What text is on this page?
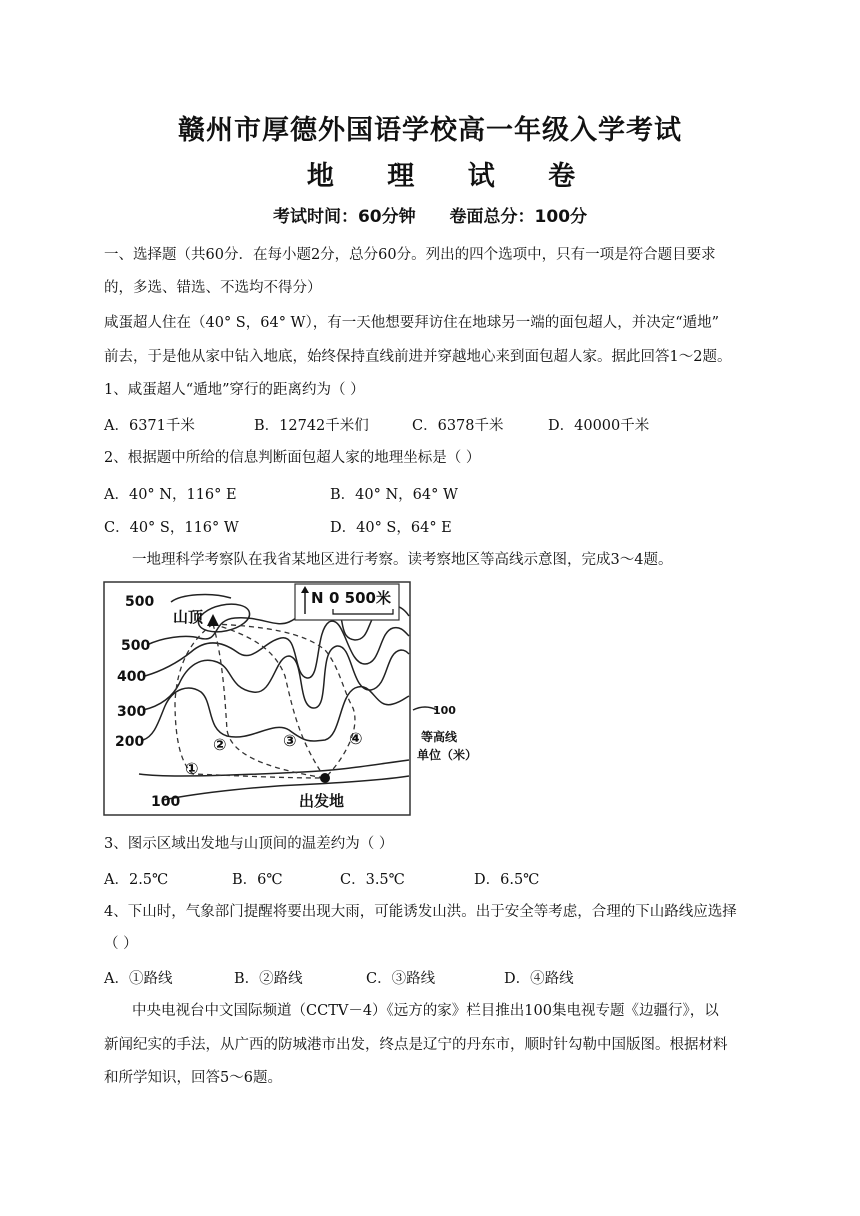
赣州市厚德外国语学校高一年级入学考试
地 理 试 卷
考试时间：60分钟 卷面总分：100分
一、选择题（共60分．在每小题2分，总分60分。列出的四个选项中，只有一项是符合题目要求
的，多选、错选、不选均不得分）
咸蛋超人住在（40° S，64° W），有一天他想要拜访住在地球另一端的面包超人，并决定“遁地”
前去，于是他从家中钻入地底，始终保持直线前进并穿越地心来到面包超人家。据此回答1～2题。
1、咸蛋超人“遁地”穿行的距离约为（ ）
A．6371千米	B．12742千米们	C．6378千米	D．40000千米
2、根据题中所给的信息判断面包超人家的地理坐标是（ ）
A．40° N，116° E	B．40° N，64° W
C．40° S，116° W	D．40° S，64° E
一地理科学考察队在我省某地区进行考察。读考察地区等高线示意图，完成3～4题。
N 0 500米
500
500
400
300
200
100
100
山顶
出发地
①
②	③	④	等高线
单位（米）
3、图示区域出发地与山顶间的温差约为（ ）
A．2.5℃	B．6℃	C．3.5℃	D．6.5℃
4、下山时，气象部门提醒将要出现大雨，可能诱发山洪。出于安全等考虑，合理的下山路线应选择
（ ）
A．①路线	B．②路线	C．③路线	D．④路线
中央电视台中文国际频道（CCTV－4）《远方的家》栏目推出100集电视专题《边疆行》，以
新闻纪实的手法，从广西的防城港市出发，终点是辽宁的丹东市，顺时针勾勒中国版图。根据材料
和所学知识，回答5～6题。
